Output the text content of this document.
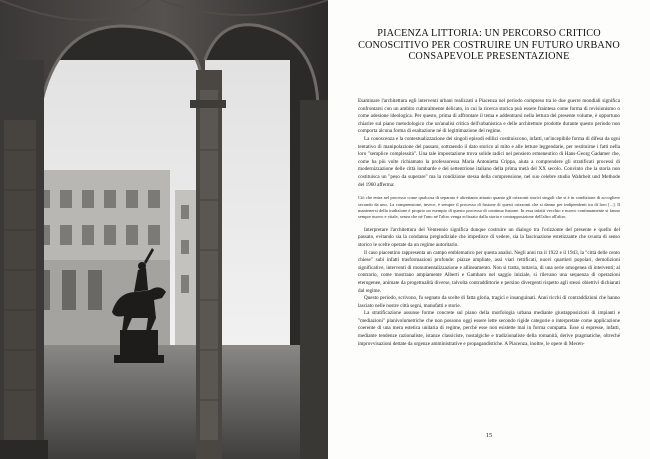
PIACENZA LITTORIA: UN PERCORSO CRITICO CONOSCITIVO PER COSTRUIRE UN FUTURO URBANO CONSAPEVOLE PRESENTAZIONE

Esaminare l'architettura egli interventi urbani realizzati a Piacenza nel periodo compreso tra le due guerre mondiali significa confrontarsi con un ambito culturalmente delicato, in cui la ricerca storica può essere fraintesa come forma di revisionismo o come adesione ideologica. Per questo, prima di affrontare il tema e addentrarsi nella lettura del presente volume, è opportuno chiarire sul piano metodologico che un'analisi critica dell'urbanistica e delle architetture prodotte durante questo periodo non comporta alcuna forma di esaltazione né di legittimazione del regime.

La conoscenza e la contestualizzazione dei singoli episodi edilizi costituiscono, infatti, un'incepibile forma di difesa da ogni tentativo di manipolazione del passato, sottraendo il dato storico al mito e alle letture leggendarie, per restituirne i fatti nella loro "semplice complessità". Una tale impostazione trova solide radici nel pensiero ermeneutico di Hans-Georg Gadamer che, come ha più volte richiamato la professoressa Maria Antonietta Crippa, aiuta a comprendere gli stratificati processi di modernizzazione delle città lombarde e del settentrione italiano della prima metà del XX secolo. Convinto che la storia non costituisca un "peso da superare" ma la condizione stessa della comprensione, nel suo celebre studio Wahrheit und Methode del 1960 afferma:

Ciò che entra nel processo come qualcosa di separato è altrettanto attuato quanto gli orizzonti storici singoli che si è in condizione di accogliere secondo da uno. La comprensione, invece, è sempre il processo di fusione di questi orizzonti che si danno per indipendenti tra di loro [...]. Il mantenersi della tradizione è proprio un esempio di questo processo di continua fusione. In essa infatti vecchio e nuovo continuamente si fanno sempre nuovo e vitale, senza che né l'uno né l'altro venga eclissato dalla storia e contrapposizione dell'altro all'altro.

Interpretare l'architettura del Ventennio significa dunque costruire un dialogo tra l'orizzonte del presente e quello del passato, evitando sia la condanna pregiudiziale che impedisce di vedere, sia la fascinazione estetizzante che svuota di senso storico le scelte operate da un regime autoritario.

Il caso piacentino rappresenta un campo emblematico per questa analisi. Negli anni tra il 1922 e il 1943, la "città delle cento chiese" subì infatti trasformazioni profonde: piazze ampliate, assi viari rettificati, nuovi quartieri popolari, demolizioni significative, interventi di monumentalizzazione e allineamento. Non si tratta, tuttavia, di una serie omogenea di interventi; al contrario, come mostrano ampiamente Alberti e Gambaro nel saggio iniziale, si rilevano una sequenza di operazioni eterogenee, animate da progettualità diverse, talvolta contraddittorie e persino divergenti rispetto agli stessi obiettivi dichiarati dal regime.

Questo periodo, scrivono, fu segnato da scelte di fatta gloria, tragici e insanguinati. Anni ricchi di contraddizioni che hanno lasciato nelle nostre città segni, manufatti e storie.

La stratificazione assunse forme concrete sul piano della morfologia urbana mediante giustapposizioni di impianti e "mediazioni" planivolumetriche che non possono oggi essere lette secondo rigide categorie o interpretate come applicazione coerente di una mera estetica unitaria di regime, perché esse non esistette mai in forma compatta. Esse si espresse, infatti, mediante tendenze razionaliste, istanze classiciste, nostalgiche e tradizionaliste della romanità, derive pragmatiche, oltreché improvvisazioni dettate da urgenze amministrative e propagandistiche. A Piacenza, inoltre, le opere di Mecen-

15
